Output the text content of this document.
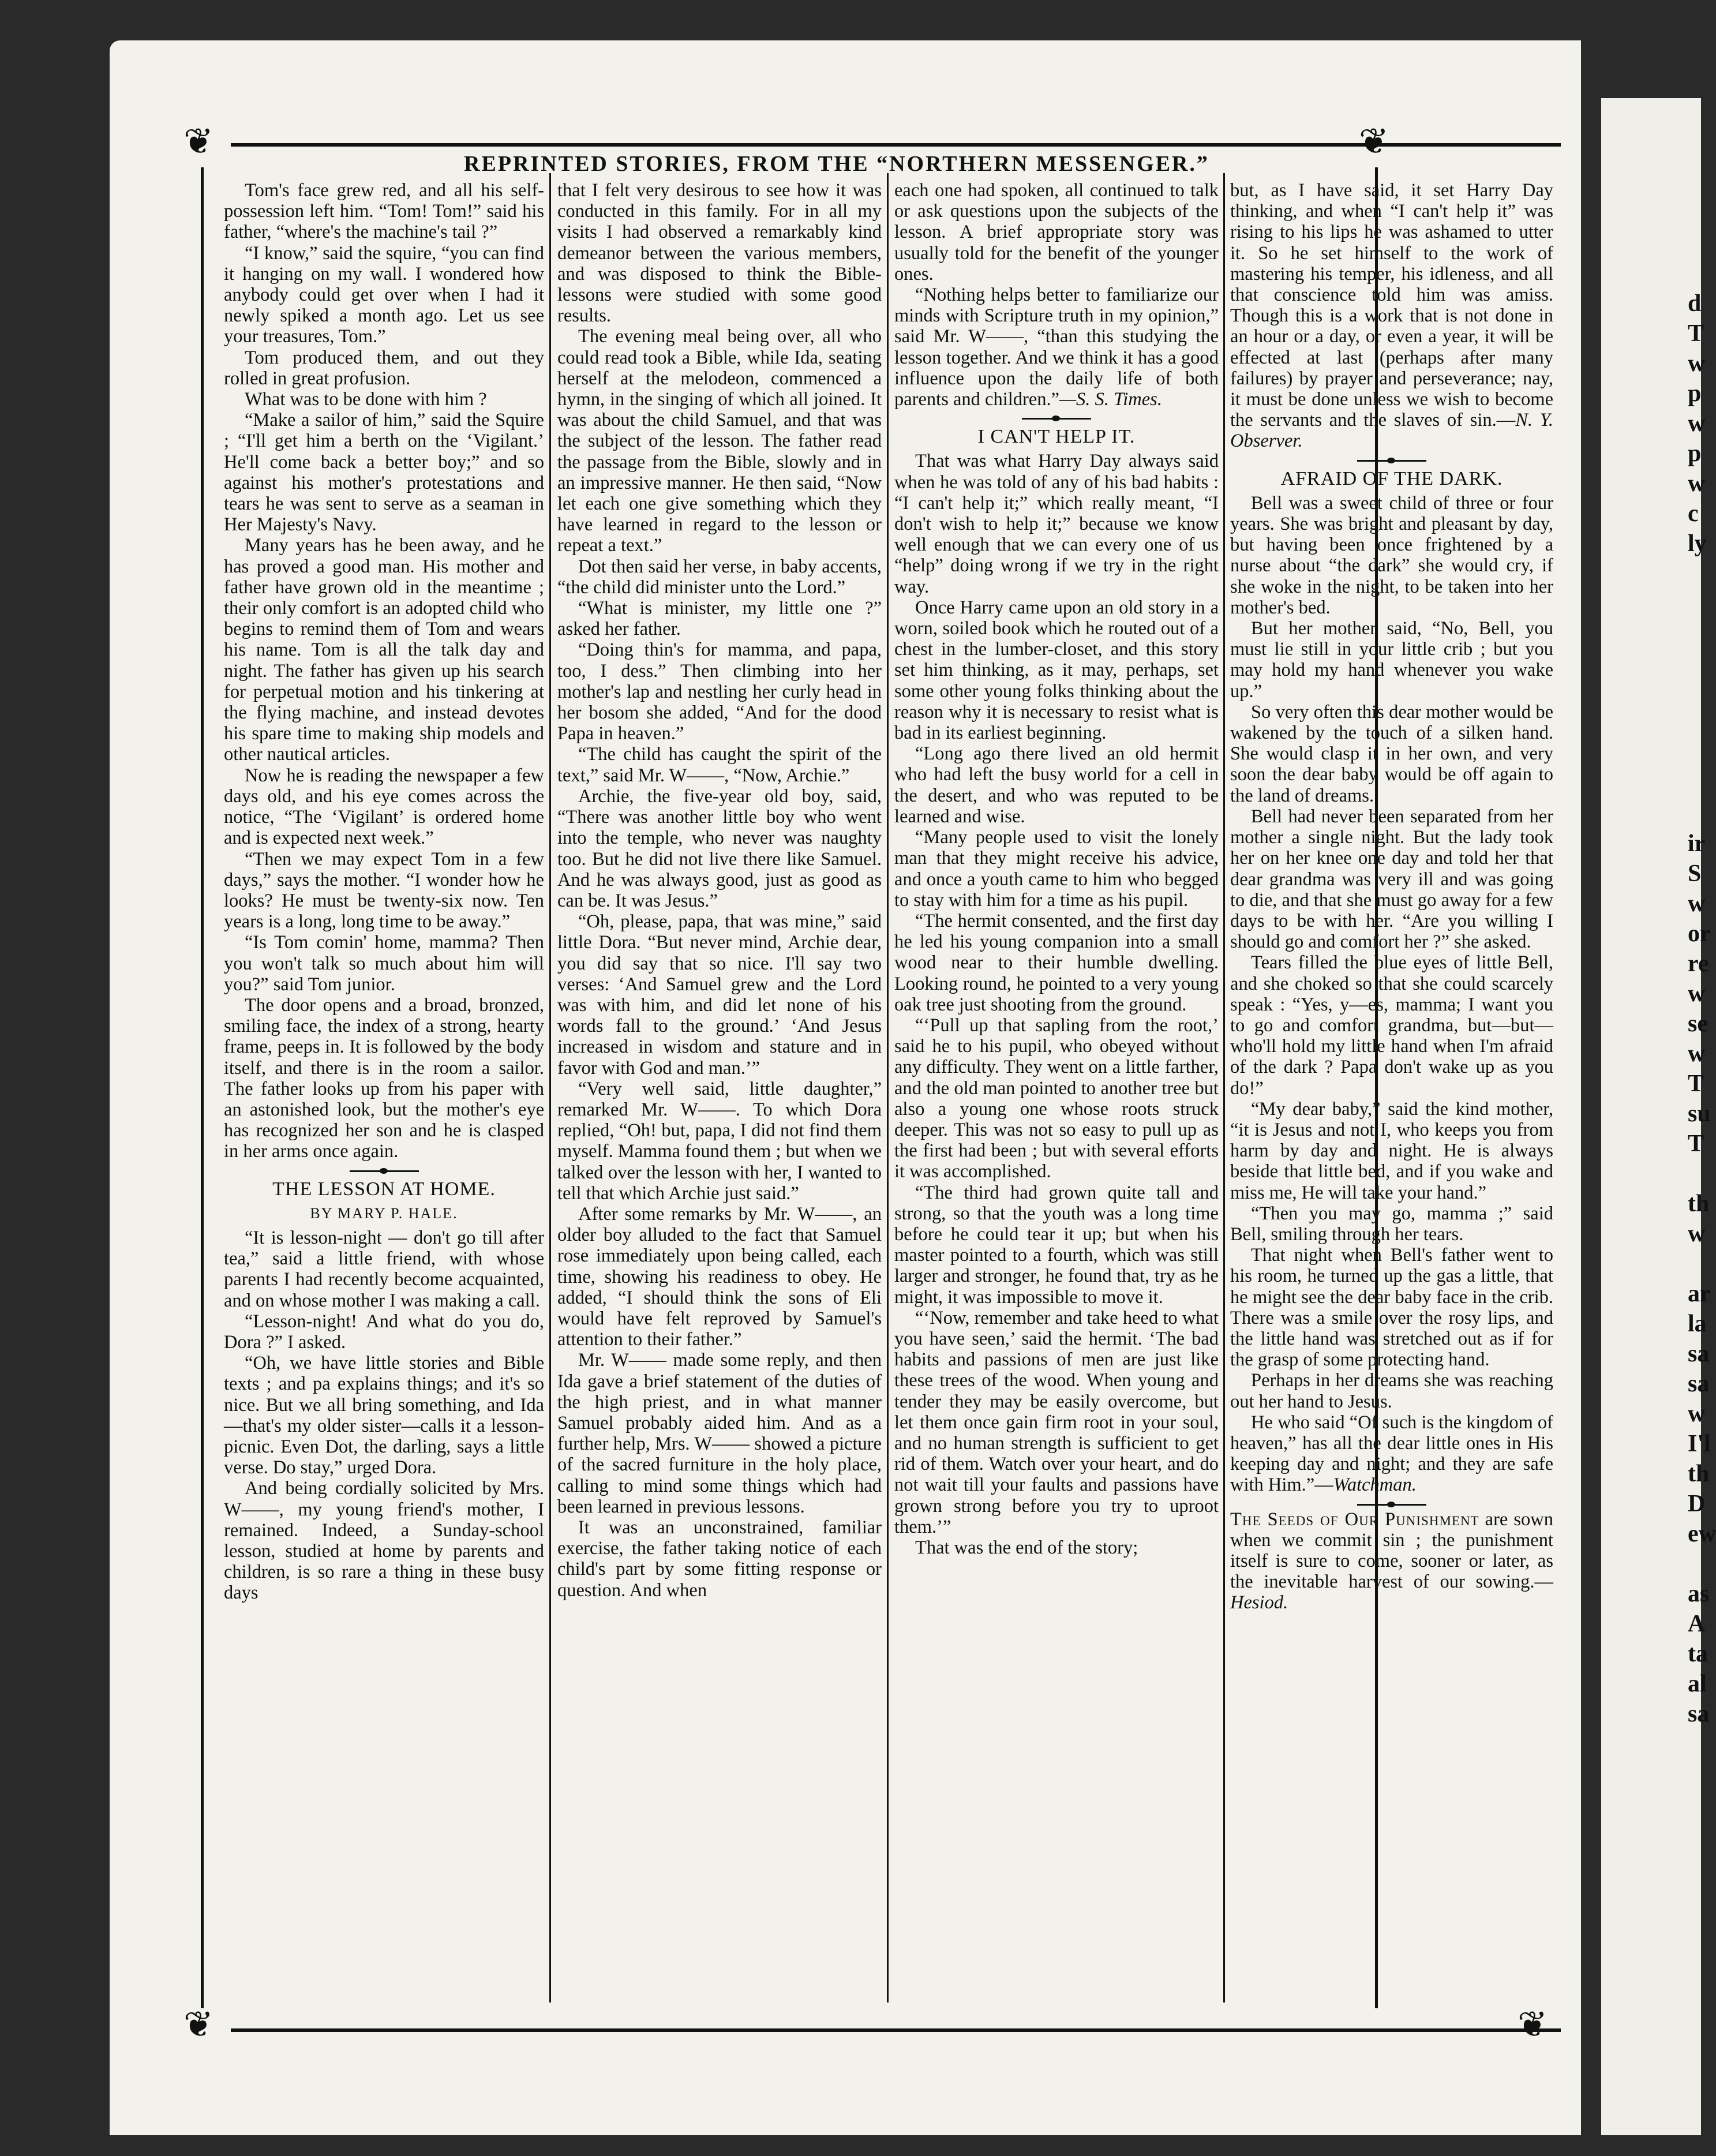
d
T
w
p
w
p
w
c
ly

ir
S
w
or
re
w
se
w
T
su
T

th
w

ar
la
sa
sa
w
I'l
th
D
ew

as
A
ta
al
sa
❦	❦
❦	❦
REPRINTED STORIES, FROM THE “NORTHERN MESSENGER.”

Tom's face grew red, and all his self-possession left him. “Tom! Tom!” said his father, “where's the machine's tail ?”

“I know,” said the squire, “you can find it hanging on my wall. I wondered how anybody could get over when I had it newly spiked a month ago. Let us see your treasures, Tom.”

Tom produced them, and out they rolled in great profusion.

What was to be done with him ?

“Make a sailor of him,” said the Squire ; “I'll get him a berth on the ‘Vigilant.’ He'll come back a better boy;” and so against his mother's protestations and tears he was sent to serve as a seaman in Her Majesty's Navy.

Many years has he been away, and he has proved a good man. His mother and father have grown old in the meantime ; their only comfort is an adopted child who begins to remind them of Tom and wears his name. Tom is all the talk day and night. The father has given up his search for perpetual motion and his tinkering at the flying machine, and instead devotes his spare time to making ship models and other nautical articles.

Now he is reading the newspaper a few days old, and his eye comes across the notice, “The ‘Vigilant’ is ordered home and is expected next week.”

“Then we may expect Tom in a few days,” says the mother. “I wonder how he looks? He must be twenty-six now. Ten years is a long, long time to be away.”

“Is Tom comin' home, mamma? Then you won't talk so much about him will you?” said Tom junior.

The door opens and a broad, bronzed, smiling face, the index of a strong, hearty frame, peeps in. It is followed by the body itself, and there is in the room a sailor. The father looks up from his paper with an astonished look, but the mother's eye has recognized her son and he is clasped in her arms once again.

THE LESSON AT HOME.

BY MARY P. HALE.

“It is lesson-night — don't go till after tea,” said a little friend, with whose parents I had recently become acquainted, and on whose mother I was making a call.

“Lesson-night! And what do you do, Dora ?” I asked.

“Oh, we have little stories and Bible texts ; and pa explains things; and it's so nice. But we all bring something, and Ida—that's my older sister—calls it a lesson-picnic. Even Dot, the darling, says a little verse. Do stay,” urged Dora.

And being cordially solicited by Mrs. W——, my young friend's mother, I remained. Indeed, a Sunday-school lesson, studied at home by parents and children, is so rare a thing in these busy days

that I felt very desirous to see how it was conducted in this family. For in all my visits I had observed a remarkably kind demeanor between the various members, and was disposed to think the Bible-lessons were studied with some good results.

The evening meal being over, all who could read took a Bible, while Ida, seating herself at the melodeon, commenced a hymn, in the singing of which all joined. It was about the child Samuel, and that was the subject of the lesson. The father read the passage from the Bible, slowly and in an impressive manner. He then said, “Now let each one give something which they have learned in regard to the lesson or repeat a text.”

Dot then said her verse, in baby accents, “the child did minister unto the Lord.”

“What is minister, my little one ?” asked her father.

“Doing thin's for mamma, and papa, too, I dess.” Then climbing into her mother's lap and nestling her curly head in her bosom she added, “And for the dood Papa in heaven.”

“The child has caught the spirit of the text,” said Mr. W——, “Now, Archie.”

Archie, the five-year old boy, said, “There was another little boy who went into the temple, who never was naughty too. But he did not live there like Samuel. And he was always good, just as good as can be. It was Jesus.”

“Oh, please, papa, that was mine,” said little Dora. “But never mind, Archie dear, you did say that so nice. I'll say two verses: ‘And Samuel grew and the Lord was with him, and did let none of his words fall to the ground.’ ‘And Jesus increased in wisdom and stature and in favor with God and man.’”

“Very well said, little daughter,” remarked Mr. W——. To which Dora replied, “Oh! but, papa, I did not find them myself. Mamma found them ; but when we talked over the lesson with her, I wanted to tell that which Archie just said.”

After some remarks by Mr. W——, an older boy alluded to the fact that Samuel rose immediately upon being called, each time, showing his readiness to obey. He added, “I should think the sons of Eli would have felt reproved by Samuel's attention to their father.”

Mr. W—— made some reply, and then Ida gave a brief statement of the duties of the high priest, and in what manner Samuel probably aided him. And as a further help, Mrs. W—— showed a picture of the sacred furniture in the holy place, calling to mind some things which had been learned in previous lessons.

It was an unconstrained, familiar exercise, the father taking notice of each child's part by some fitting response or question. And when

each one had spoken, all continued to talk or ask questions upon the subjects of the lesson. A brief appropriate story was usually told for the benefit of the younger ones.

“Nothing helps better to familiarize our minds with Scripture truth in my opinion,” said Mr. W——, “than this studying the lesson together. And we think it has a good influence upon the daily life of both parents and children.”—S. S. Times.

I CAN'T HELP IT.

That was what Harry Day always said when he was told of any of his bad habits : “I can't help it;” which really meant, “I don't wish to help it;” because we know well enough that we can every one of us “help” doing wrong if we try in the right way.

Once Harry came upon an old story in a worn, soiled book which he routed out of a chest in the lumber-closet, and this story set him thinking, as it may, perhaps, set some other young folks thinking about the reason why it is necessary to resist what is bad in its earliest beginning.

“Long ago there lived an old hermit who had left the busy world for a cell in the desert, and who was reputed to be learned and wise.

“Many people used to visit the lonely man that they might receive his advice, and once a youth came to him who begged to stay with him for a time as his pupil.

“The hermit consented, and the first day he led his young companion into a small wood near to their humble dwelling. Looking round, he pointed to a very young oak tree just shooting from the ground.

“‘Pull up that sapling from the root,’ said he to his pupil, who obeyed without any difficulty. They went on a little farther, and the old man pointed to another tree but also a young one whose roots struck deeper. This was not so easy to pull up as the first had been ; but with several efforts it was accomplished.

“The third had grown quite tall and strong, so that the youth was a long time before he could tear it up; but when his master pointed to a fourth, which was still larger and stronger, he found that, try as he might, it was impossible to move it.

“‘Now, remember and take heed to what you have seen,’ said the hermit. ‘The bad habits and passions of men are just like these trees of the wood. When young and tender they may be easily overcome, but let them once gain firm root in your soul, and no human strength is sufficient to get rid of them. Watch over your heart, and do not wait till your faults and passions have grown strong before you try to uproot them.’”

That was the end of the story;

but, as I have said, it set Harry Day thinking, and when “I can't help it” was rising to his lips he was ashamed to utter it. So he set himself to the work of mastering his temper, his idleness, and all that conscience told him was amiss. Though this is a work that is not done in an hour or a day, or even a year, it will be effected at last (perhaps after many failures) by prayer and perseverance; nay, it must be done unless we wish to become the servants and the slaves of sin.—N. Y. Observer.

AFRAID OF THE DARK.

Bell was a sweet child of three or four years. She was bright and pleasant by day, but having been once frightened by a nurse about “the dark” she would cry, if she woke in the night, to be taken into her mother's bed.

But her mother said, “No, Bell, you must lie still in your little crib ; but you may hold my hand whenever you wake up.”

So very often this dear mother would be wakened by the touch of a silken hand. She would clasp it in her own, and very soon the dear baby would be off again to the land of dreams.

Bell had never been separated from her mother a single night. But the lady took her on her knee one day and told her that dear grandma was very ill and was going to die, and that she must go away for a few days to be with her. “Are you willing I should go and comfort her ?” she asked.

Tears filled the blue eyes of little Bell, and she choked so that she could scarcely speak : “Yes, y—es, mamma; I want you to go and comfort grandma, but—but—who'll hold my little hand when I'm afraid of the dark ? Papa don't wake up as you do!”

“My dear baby,” said the kind mother, “it is Jesus and not I, who keeps you from harm by day and night. He is always beside that little bed, and if you wake and miss me, He will take your hand.”

“Then you may go, mamma ;” said Bell, smiling through her tears.

That night when Bell's father went to his room, he turned up the gas a little, that he might see the dear baby face in the crib. There was a smile over the rosy lips, and the little hand was stretched out as if for the grasp of some protecting hand.

Perhaps in her dreams she was reaching out her hand to Jesus.

He who said “Of such is the kingdom of heaven,” has all the dear little ones in His keeping day and night; and they are safe with Him.”—Watchman.

The Seeds of Our Punishment are sown when we commit sin ; the punishment itself is sure to come, sooner or later, as the inevitable harvest of our sowing.—Hesiod.
